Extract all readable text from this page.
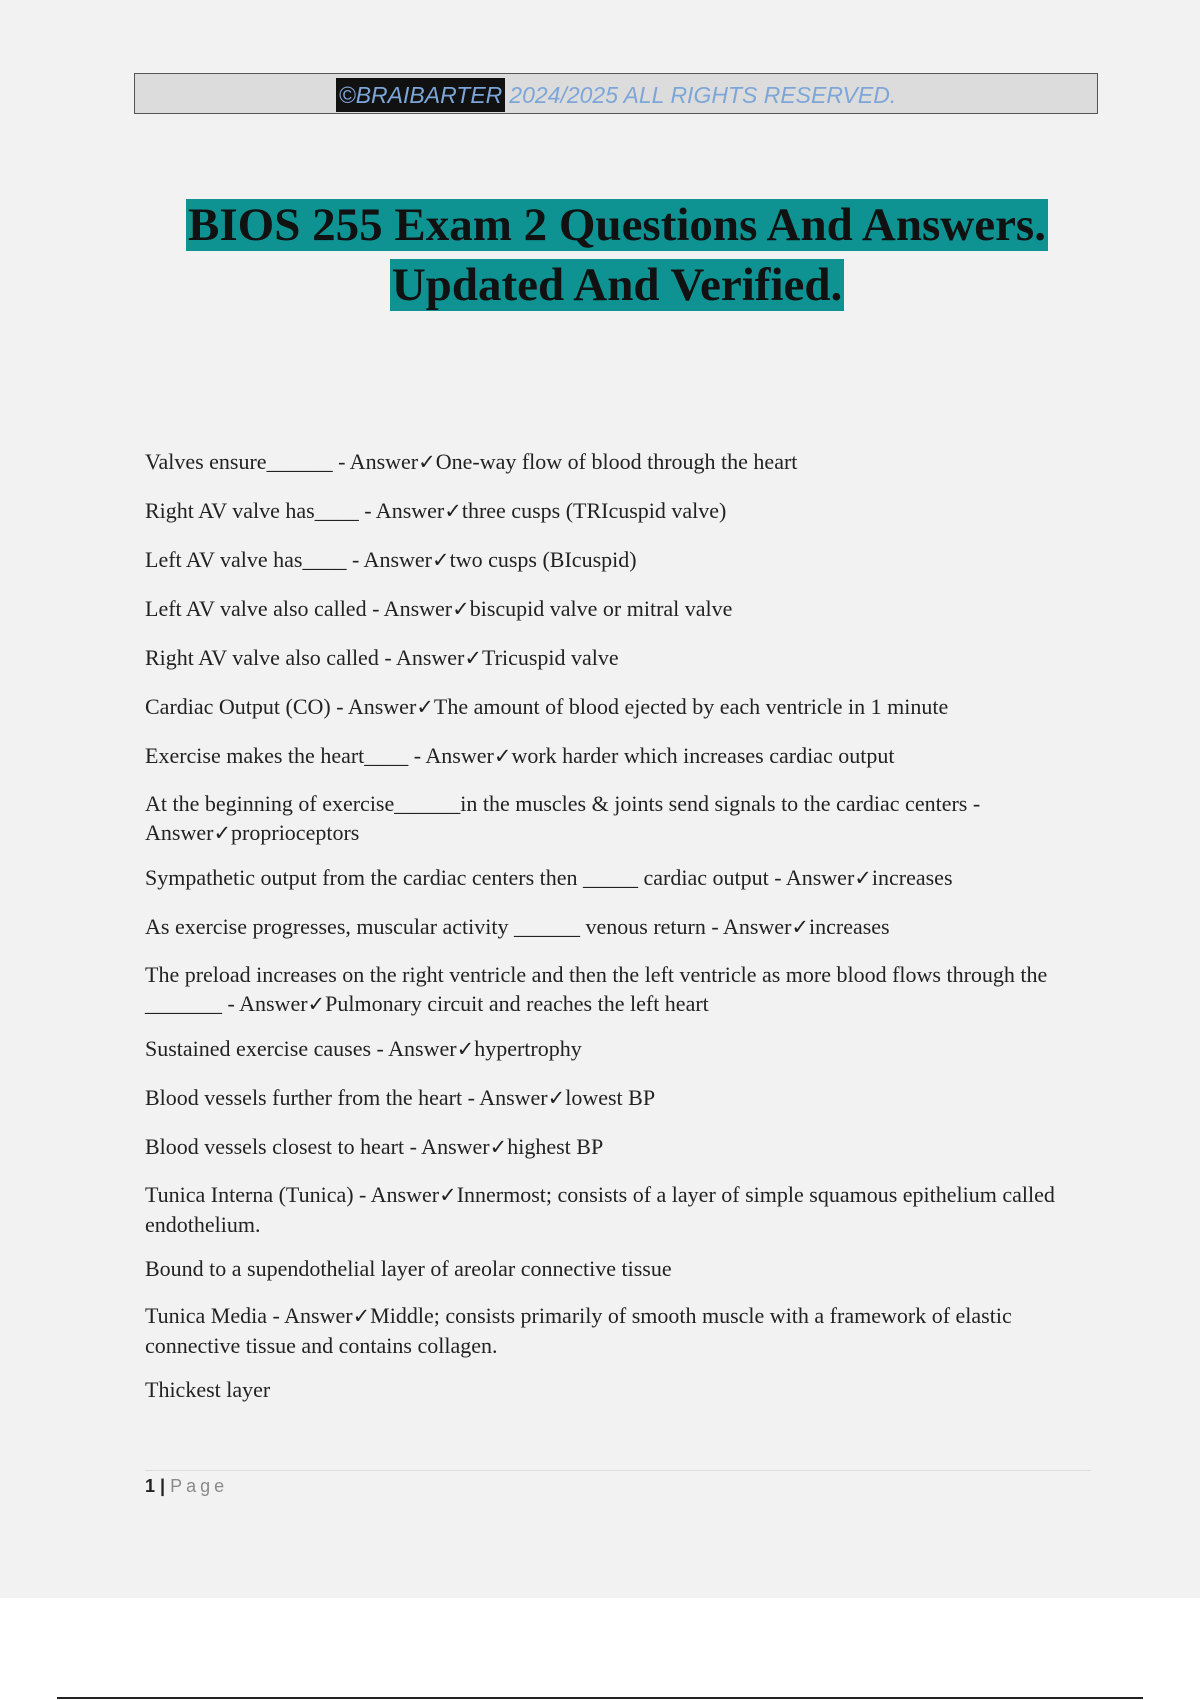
©BRAIBARTER 2024/2025 ALL RIGHTS RESERVED.
BIOS 255 Exam 2 Questions And Answers.
Updated And Verified.
Valves ensure______ - Answer✓One-way flow of blood through the heart
Right AV valve has____ - Answer✓three cusps (TRIcuspid valve)
Left AV valve has____ - Answer✓two cusps (BIcuspid)
Left AV valve also called - Answer✓biscupid valve or mitral valve
Right AV valve also called - Answer✓Tricuspid valve
Cardiac Output (CO) - Answer✓The amount of blood ejected by each ventricle in 1 minute
Exercise makes the heart____ - Answer✓work harder which increases cardiac output
At the beginning of exercise______in the muscles & joints send signals to the cardiac centers - Answer✓proprioceptors
Sympathetic output from the cardiac centers then _____ cardiac output - Answer✓increases
As exercise progresses, muscular activity ______ venous return - Answer✓increases
The preload increases on the right ventricle and then the left ventricle as more blood flows through the _______ - Answer✓Pulmonary circuit and reaches the left heart
Sustained exercise causes - Answer✓hypertrophy
Blood vessels further from the heart - Answer✓lowest BP
Blood vessels closest to heart - Answer✓highest BP
Tunica Interna (Tunica) - Answer✓Innermost; consists of a layer of simple squamous epithelium called endothelium.
Bound to a supendothelial layer of areolar connective tissue
Tunica Media - Answer✓Middle; consists primarily of smooth muscle with a framework of elastic connective tissue and contains collagen.
Thickest layer
1 | Page
